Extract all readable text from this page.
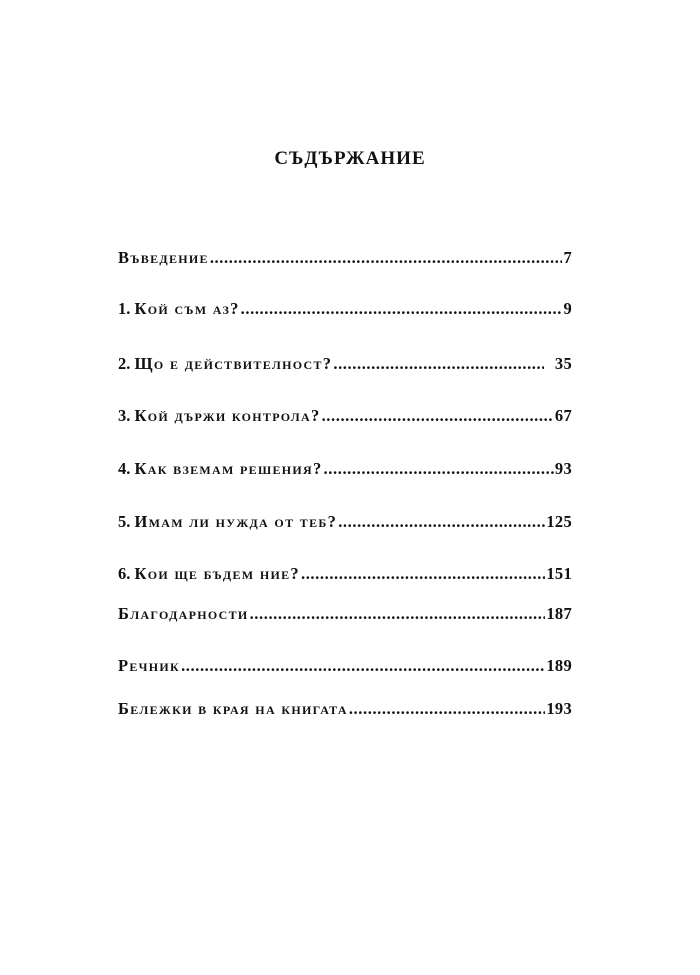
СЪДЪРЖАНИЕ
Въведение .....	7
1. Кой съм аз? .....	9
2. Що е действителност? .....	35
3. Кой държи контрола? .....	67
4. Как вземам решения? .....	93
5. Имам ли нужда от теб? .....	125
6. Кои ще бъдем ние? .....	151
Благодарности .....	187
Речник .....	189
Бележки в края на книгата .....	193
